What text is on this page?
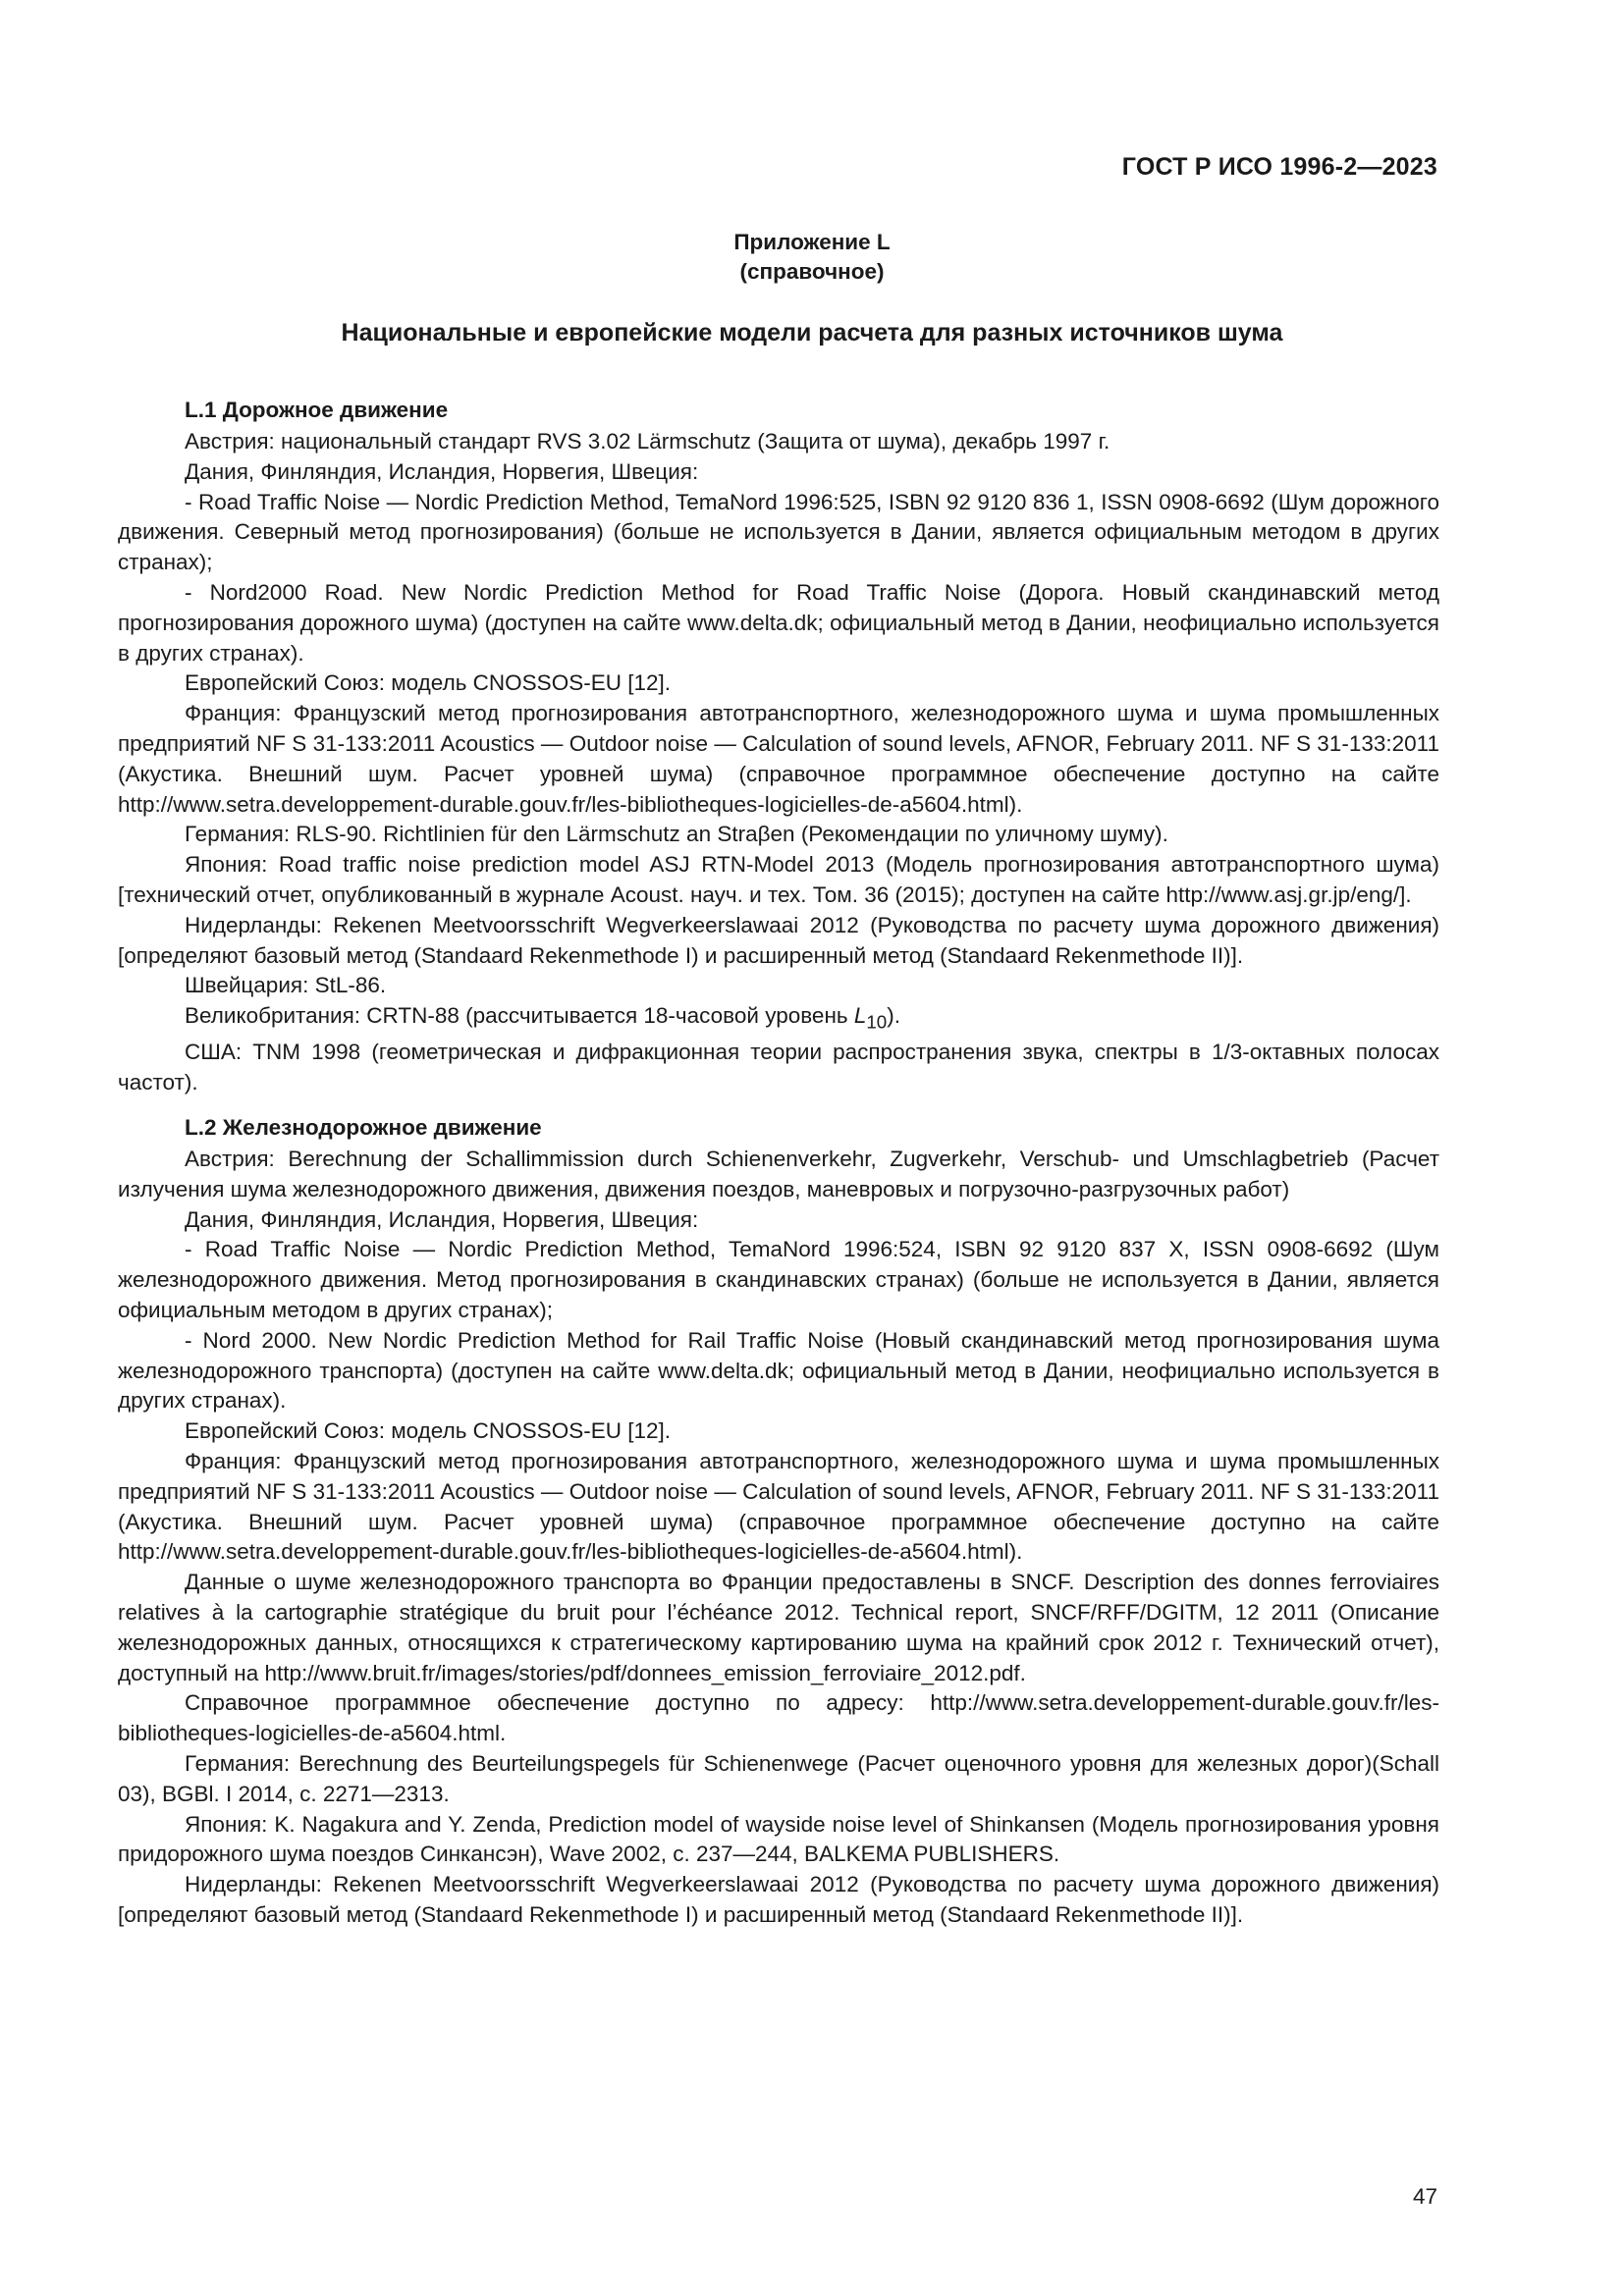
ГОСТ Р ИСО 1996-2—2023
Приложение L
(справочное)
Национальные и европейские модели расчета для разных источников шума
L.1 Дорожное движение

Австрия: национальный стандарт RVS 3.02 Lärmschutz (Защита от шума), декабрь 1997 г.

Дания, Финляндия, Исландия, Норвегия, Швеция:

- Road Traffic Noise — Nordic Prediction Method, TemaNord 1996:525, ISBN 92 9120 836 1, ISSN 0908-6692 (Шум дорожного движения. Северный метод прогнозирования) (больше не используется в Дании, является официальным методом в других странах);

- Nord2000 Road. New Nordic Prediction Method for Road Traffic Noise (Дорога. Новый скандинавский метод прогнозирования дорожного шума) (доступен на сайте www.delta.dk; официальный метод в Дании, неофициально используется в других странах).

Европейский Союз: модель CNOSSOS-EU [12].

Франция: Французский метод прогнозирования автотранспортного, железнодорожного шума и шума промышленных предприятий NF S 31-133:2011 Acoustics — Outdoor noise — Calculation of sound levels, AFNOR, February 2011. NF S 31-133:2011 (Акустика. Внешний шум. Расчет уровней шума) (справочное программное обеспечение доступно на сайте http://www.setra.developpement-durable.gouv.fr/les-bibliotheques-logicielles-de-a5604.html).

Германия: RLS-90. Richtlinien für den Lärmschutz an Straβen (Рекомендации по уличному шуму).

Япония: Road traffic noise prediction model ASJ RTN-Model 2013 (Модель прогнозирования автотранспортного шума) [технический отчет, опубликованный в журнале Acoust. науч. и тех. Том. 36 (2015); доступен на сайте http://www.asj.gr.jp/eng/].

Нидерланды: Rekenen Meetvoorsschrift Wegverkeerslawaai 2012 (Руководства по расчету шума дорожного движения) [определяют базовый метод (Standaard Rekenmethode I) и расширенный метод (Standaard Rekenmethode II)].

Швейцария: StL-86.

Великобритания: CRTN-88 (рассчитывается 18-часовой уровень $L_{10}$).

США: TNM 1998 (геометрическая и дифракционная теории распространения звука, спектры в 1/3-октавных полосах частот).

L.2 Железнодорожное движение

Австрия: Berechnung der Schallimmission durch Schienenverkehr, Zugverkehr, Verschub- und Umschlagbetrieb (Расчет излучения шума железнодорожного движения, движения поездов, маневровых и погрузочно-разгрузочных работ)

Дания, Финляндия, Исландия, Норвегия, Швеция:

- Road Traffic Noise — Nordic Prediction Method, TemaNord 1996:524, ISBN 92 9120 837 X, ISSN 0908-6692 (Шум железнодорожного движения. Метод прогнозирования в скандинавских странах) (больше не используется в Дании, является официальным методом в других странах);

- Nord 2000. New Nordic Prediction Method for Rail Traffic Noise (Новый скандинавский метод прогнозирования шума железнодорожного транспорта) (доступен на сайте www.delta.dk; официальный метод в Дании, неофициально используется в других странах).

Европейский Союз: модель CNOSSOS-EU [12].

Франция: Французский метод прогнозирования автотранспортного, железнодорожного шума и шума промышленных предприятий NF S 31-133:2011 Acoustics — Outdoor noise — Calculation of sound levels, AFNOR, February 2011. NF S 31-133:2011 (Акустика. Внешний шум. Расчет уровней шума) (справочное программное обеспечение доступно на сайте http://www.setra.developpement-durable.gouv.fr/les-bibliotheques-logicielles-de-a5604.html).

Данные о шуме железнодорожного транспорта во Франции предоставлены в SNCF. Description des donnes ferroviaires relatives à la cartographie stratégique du bruit pour l’échéance 2012. Technical report, SNCF/RFF/DGITM, 12 2011 (Описание железнодорожных данных, относящихся к стратегическому картированию шума на крайний срок 2012 г. Технический отчет), доступный на http://www.bruit.fr/images/stories/pdf/donnees_emission_ferroviaire_2012.pdf.

Справочное программное обеспечение доступно по адресу: http://www.setra.developpement-durable.gouv.fr/les-bibliotheques-logicielles-de-a5604.html.

Германия: Berechnung des Beurteilungspegels für Schienenwege (Расчет оценочного уровня для железных дорог)(Schall 03), BGBl. I 2014, с. 2271—2313.

Япония: K. Nagakura and Y. Zenda, Prediction model of wayside noise level of Shinkansen (Модель прогнозирования уровня придорожного шума поездов Синкансэн), Wave 2002, с. 237—244, BALKEMA PUBLISHERS.

Нидерланды: Rekenen Meetvoorsschrift Wegverkeerslawaai 2012 (Руководства по расчету шума дорожного движения) [определяют базовый метод (Standaard Rekenmethode I) и расширенный метод (Standaard Rekenmethode II)].

47
